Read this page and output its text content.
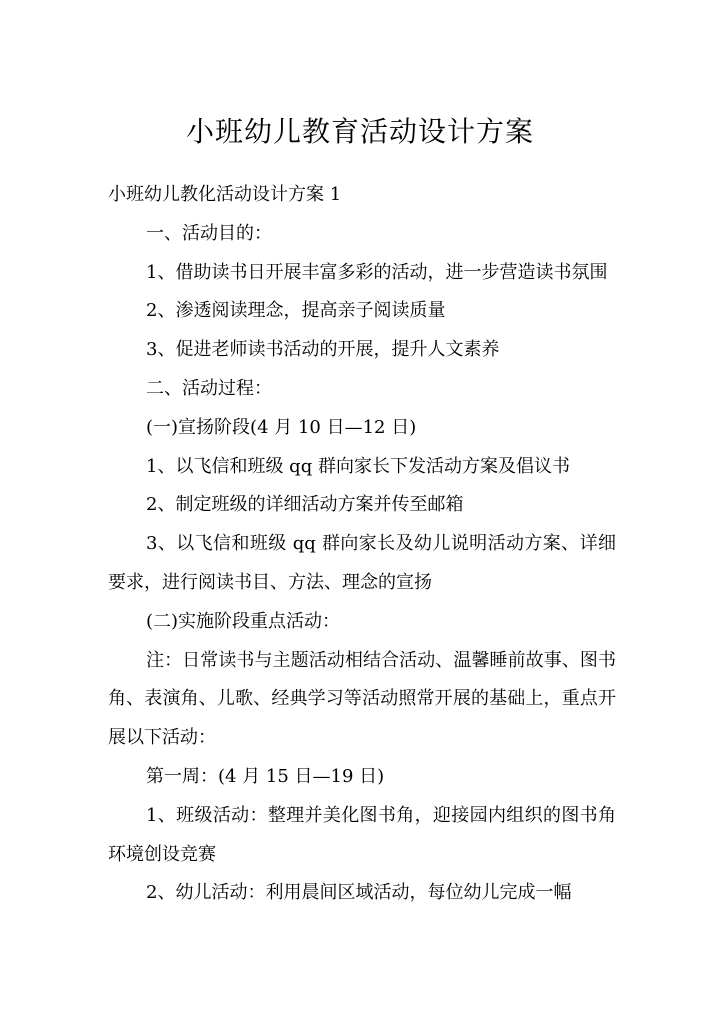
小班幼儿教育活动设计方案

小班幼儿教化活动设计方案 1

一、活动目的：

1、借助读书日开展丰富多彩的活动，进一步营造读书氛围

2、渗透阅读理念，提高亲子阅读质量

3、促进老师读书活动的开展，提升人文素养

二、活动过程：

(一)宣扬阶段(4 月 10 日—12 日)

1、以飞信和班级 qq 群向家长下发活动方案及倡议书

2、制定班级的详细活动方案并传至邮箱

3、以飞信和班级 qq 群向家长及幼儿说明活动方案、详细要求，进行阅读书目、方法、理念的宣扬

(二)实施阶段重点活动：

注：日常读书与主题活动相结合活动、温馨睡前故事、图书角、表演角、儿歌、经典学习等活动照常开展的基础上，重点开展以下活动：

第一周：(4 月 15 日—19 日)

1、班级活动：整理并美化图书角，迎接园内组织的图书角环境创设竞赛

2、幼儿活动：利用晨间区域活动，每位幼儿完成一幅
